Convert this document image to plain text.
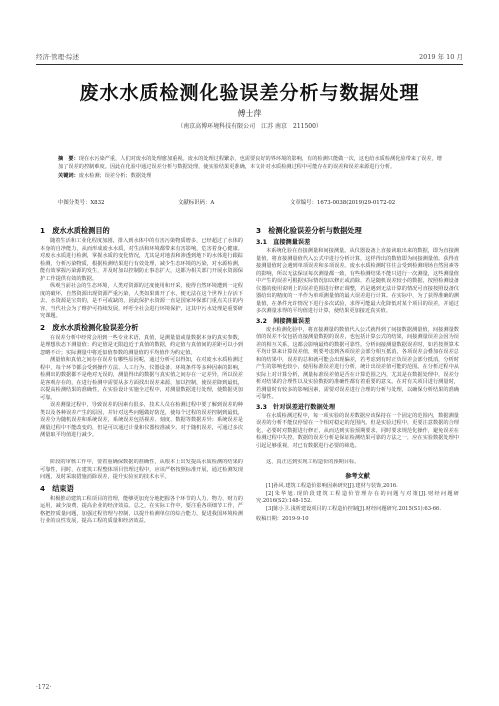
经济·管理·综述	2019 年 10 月
废水水质检测化验误差分析与数据处理
傅士萍
（南京高博环境科技有限公司　江苏 南京　211500）
摘　要：现在水污染严重，人们对废水的处理愈加重视。废水的处理过程繁杂，也需要良好的界环境的影响，有的检测只能做一次，这也给水质检测化验带来了误差，增加了误差的控制难度。因此在化验中通过误差分析与数据处理，使实验结果更准确，本文针对水质检测过程中可能存在的误差和误差来源进行分析。
关键词：废水检测；误差分析；数据处理
中图分类号：X832	文献标识码：A	文章编号：1673-0038(2019)29-0172-02
1　废水水质检测目的

随着生活和工业化程度加剧，排入到水体中的有害污染物质增多，已经超过了水体的本身的自净能力，从而形成废水水质，对生活和环境都带来有害影响，危害着身心健康。对废水水质进行检测，掌握水质的变化情况，尤其是对地表和渗透到地下的水体进行跟踪检测，分析污染物质，根据检测结果进行有效处理，减少生态环境的污染，对水源检测，能有效掌握污染源的发生，并及时加以控制防止事态扩大，这都为相关部门开展水资源保护工作提供有效的数据。

纵观当前社会的生态环境，人类对资源的过度使用和开采，使得自然环境遭到一定程度的破坏，自然资源出现资源严重污染，人类如果离开了水，便无法在这个世界上存活下去，水资源是宝贵的，是不可或缺的，因此保护水资源一直是国家环保部门重点关注的内容，当代社会为了维护可持续发展，呼吁全社会进行环境保护，这其中污水处理是重要研究课题。

2　废水水质检测化验误差分析

在误差分析中经常会用到一些专业术语，真值，是测量量或量数据本身的真实参数，是理想状态下测量值；约定值是无限趋近于真值的数据，约定值与真值间的差距可以小到忽略不计；实际测量中将近似值参数的测量值的平均值作为约定值。

测量值和真值之间存在误差有哪些原因呢，通过分析可以得知，在对废水水质检测过程中，每个环节都会受到操作方法、人工行为、仪器设备、环境条件等多种因素的影响，检测出的数据都不是绝对无误的，测量得出的数据与真实值之间存在一定差异，所以误差是客观存在的，在进行检测中需要从多方面找出误差来源，加以控制，使误差降到最低，以提高检测结果的准确性，在实验设计实施全过程中，对测量数据进行处理，使数据更加可靠。

误差测量过程中，导致误差的因素有很多，技术人员在检测过程中要了解到误差的种类以及各种误差产生的原因，并针对这些问题做好防范，使每个过程的误差控制到最低，误差分为随机误差和系统误差，系统误差包括视差、刻度、数据等数据差异；系统误差是测量过程中不能改变的，但是可以通过计量和仪器校准减少。对于随机误差，可通过多次测量取平均值进行减少。

3　检测化验误差分析与数据处理
3.1　直接测量误差

本系统化验在直接测量和间接测量。从仪器设备上直接读取出来的数据，即为直接测量值，将直接测量值代入公式中进行分析计算，这样得出的数值即为间接测量值。获得直接测量值时会遇到单项误差和多项误差。废水水质检测时往往会受到检测现场自然因素等的影响，所以无法保证每次测量都一致，有些检测结果不能只进行一次测量，这些测量值中产生的误差可根据实际情况加以修正或消除，若是随机误差较小的数据，按照检测设备仪器的使用说明上的误差范围进行修正调整，若是遇到无法计算的情况可直接按照设备仪器给出的精度的一半作为单项测量值的最大误差进行计算。在实际中，为了获得准确的测量值，在条件允许情况下进行多次试验，求得可能最大化降低对某个项目的误差，并通过多次测量求得的平均值进行计算，使结果更加接近真实值。

3.2　间接测量误差

废水检测化验中，将直接测量的数值代入公式就得到了间接数据测量值，间接测量数值的误差不仅包括直接测量数据的误差，也包括计算公式的结果，间接测量误差会因为误差的相互关系，这都会影响最终的数据可靠性。分析间接测量数据误差时，如若按照算术平均计算来计算误差值，则要考虑到各项误差会部分相互抵消，各项误差会叠加在误差总和的结果中，误差的总和就可能会出现偏差，若考虑到有时正负误差会部分抵消，分析时产生的影响也较小，使用标准误差进行分析，统计出误差值可能的范围。在分析过程中从实际上对计算分析，测量标准误差值是否在计算范围之内，尤其是在数据处理中，误差分析对结果的合理性以及实验数据的准确性都有着重要的意义。在对有关项目进行测量时，若测量时有较多的影响因素，需要对误差进行合理的分析与处理，以确保分析结果的准确可靠性。

3.3　针对误差进行数据处理

在水质检测过程中，每一项实验的误差数据应该保持在一个固定的范围内，数据测量误差的分析不能仅停留在一个相对稳定的范围内。但是实验过程中，更要注意数据的合理化，必要时对数据进行修正，从而达到实验预期要求，同时要求规范化操作，避免误差在检测过程中失控。数据的误差分析是保证检测结果可靠的方法之一，应在实验数据处理中引起足够重视，对已有数据进行必要的筛选。

阶段的审核工作中，要着重确保数据的准确性，从根本上出发提高水质检测的结果的可靠性，同时，在建筑工程整体项目管理过程中，应该严格按照标准开展，通过检测发现问题，及时采取措施消除误差，提升实验室的技术水平。

4　结束语

积极推动建筑工程项目的管理，能够更加充分地把握各个环节的人力、物力、财力的运用，减少浪费，提高企业的经济效益。总之，在实际工作中，要注重各项细节工作，严格把控质量问题，加强过程管理与控制，以提升检测单位的综合能力，促进我国环境检测行业的良性发展，提高工程的质量和经济效益。

这，真正达到实现工程造价的预期目标。

参考文献

[1]孙风.建筑工程造价影响因素研究[J].建材与装饰,2016.

[2]朱华旭.现阶段建筑工程造价管理存在的问题与对策[J].财经问题研究.2016(S2):148-152.

[3]陈小卫.浅析建设项目的工程造价控制[J].财经问题研究.2015(S1):63-66.

收稿日期：2019-9-10
·172·
